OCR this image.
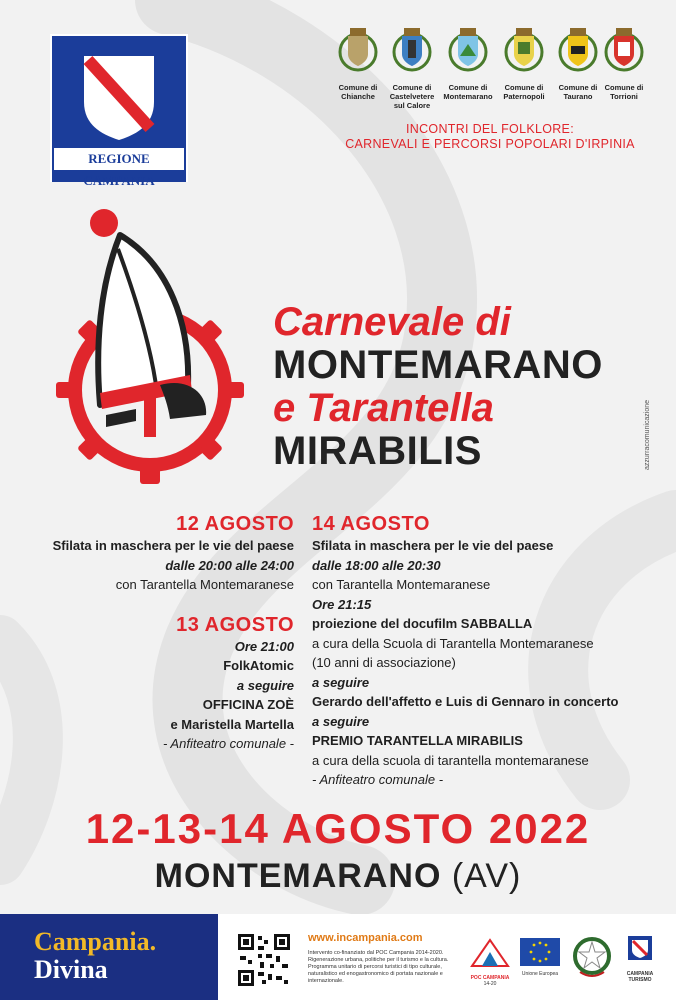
REGIONE CAMPANIA
Comune di
Chianche
Comune di
Castelvetere
sul Calore
Comune di
Montemarano
Comune di
Paternopoli
Comune di
Taurano
Comune di
Torrioni
INCONTRI DEL FOLKLORE:
CARNEVALI E PERCORSI POPOLARI D'IRPINIA
Carnevale di
MONTEMARANO
e Tarantella
MIRABILIS	azzurracomunicazione
12 AGOSTO
Sfilata in maschera per le vie del paese
dalle 20:00 alle 24:00
con Tarantella Montemaranese
13 AGOSTO
Ore 21:00
FolkAtomic
a seguire
OFFICINA ZOÈ
e Maristella Martella
- Anfiteatro comunale -
14 AGOSTO
Sfilata in maschera per le vie del paese
dalle 18:00 alle 20:30
con Tarantella Montemaranese
Ore 21:15
proiezione del docufilm SABBALLA
a cura della Scuola di Tarantella Montemaranese
(10 anni di associazione)
a seguire
Gerardo dell'affetto e Luis di Gennaro in concerto
a seguire
PREMIO TARANTELLA MIRABILIS
a cura della scuola di tarantella montemaranese
- Anfiteatro comunale -
12-13-14 AGOSTO 2022
MONTEMARANO (AV)
Campania.
Divina
www.incampania.com
Intervento co-finanziato dal POC Campania 2014-2020. Rigenerazione urbana, politiche per il turismo e la cultura. Programma unitario di percorsi turistici di tipo culturale, naturalistico ed enogastronomico di portata nazionale e internazionale.	POC CAMPANIA
14-20
Unione Europea	CAMPANIA TURISMO
